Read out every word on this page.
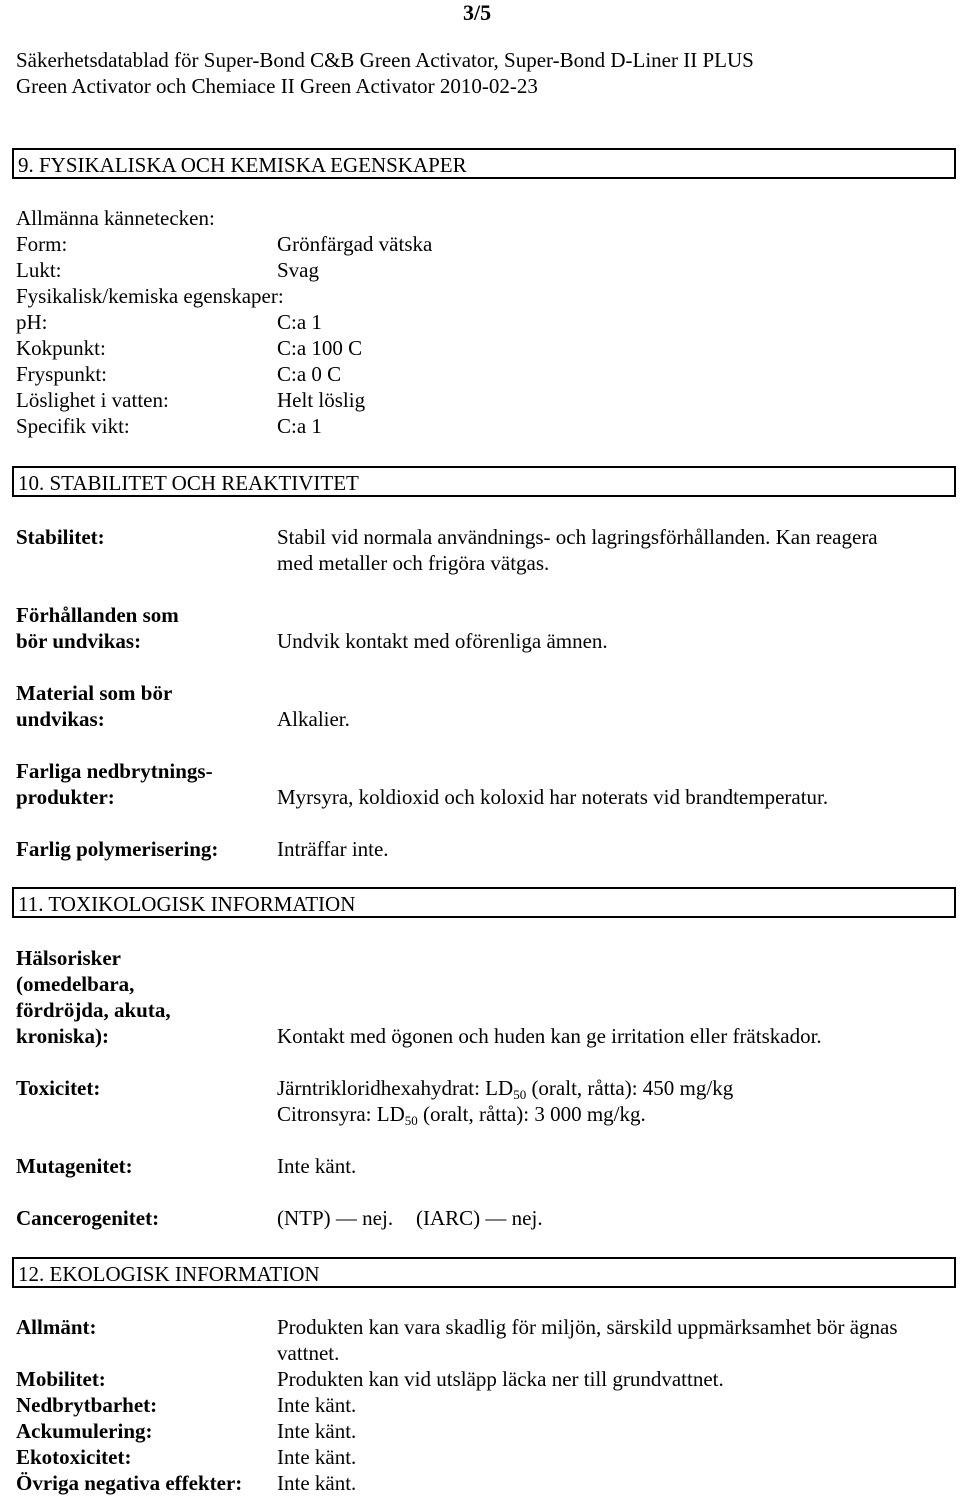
3/5
Säkerhetsdatablad för Super-Bond C&B Green Activator, Super-Bond D-Liner II PLUS
Green Activator och Chemiace II Green Activator 2010-02-23
9. FYSIKALISKA OCH KEMISKA EGENSKAPER
Allmänna kännetecken:
Form:	Grönfärgad vätska
Lukt:	Svag
Fysikalisk/kemiska egenskaper:
pH:	C:a 1
Kokpunkt:	C:a 100 C
Fryspunkt:	C:a 0 C
Löslighet i vatten:	Helt löslig
Specifik vikt:	C:a 1
10. STABILITET OCH REAKTIVITET
Stabilitet:	Stabil vid normala användnings- och lagringsförhållanden. Kan reagera
med metaller och frigöra vätgas.
Förhållanden som
bör undvikas:	Undvik kontakt med oförenliga ämnen.
Material som bör
undvikas:	Alkalier.
Farliga nedbrytnings-
produkter:	Myrsyra, koldioxid och koloxid har noterats vid brandtemperatur.
Farlig polymerisering:	Inträffar inte.
11. TOXIKOLOGISK INFORMATION
Hälsorisker
(omedelbara,
fördröjda, akuta,
kroniska):	Kontakt med ögonen och huden kan ge irritation eller frätskador.
Toxicitet:	Järntrikloridhexahydrat: $LD_{50}$ (oralt, råtta): 450 mg/kg
Citronsyra: $LD_{50}$ (oralt, råtta): 3 000 mg/kg.
Mutagenitet:	Inte känt.
Cancerogenitet:	(NTP) — nej. (IARC) — nej.
12. EKOLOGISK INFORMATION
Allmänt:	Produkten kan vara skadlig för miljön, särskild uppmärksamhet bör ägnas
vattnet.
Mobilitet:	Produkten kan vid utsläpp läcka ner till grundvattnet.
Nedbrytbarhet:	Inte känt.
Ackumulering:	Inte känt.
Ekotoxicitet:	Inte känt.
Övriga negativa effekter: Inte känt.
